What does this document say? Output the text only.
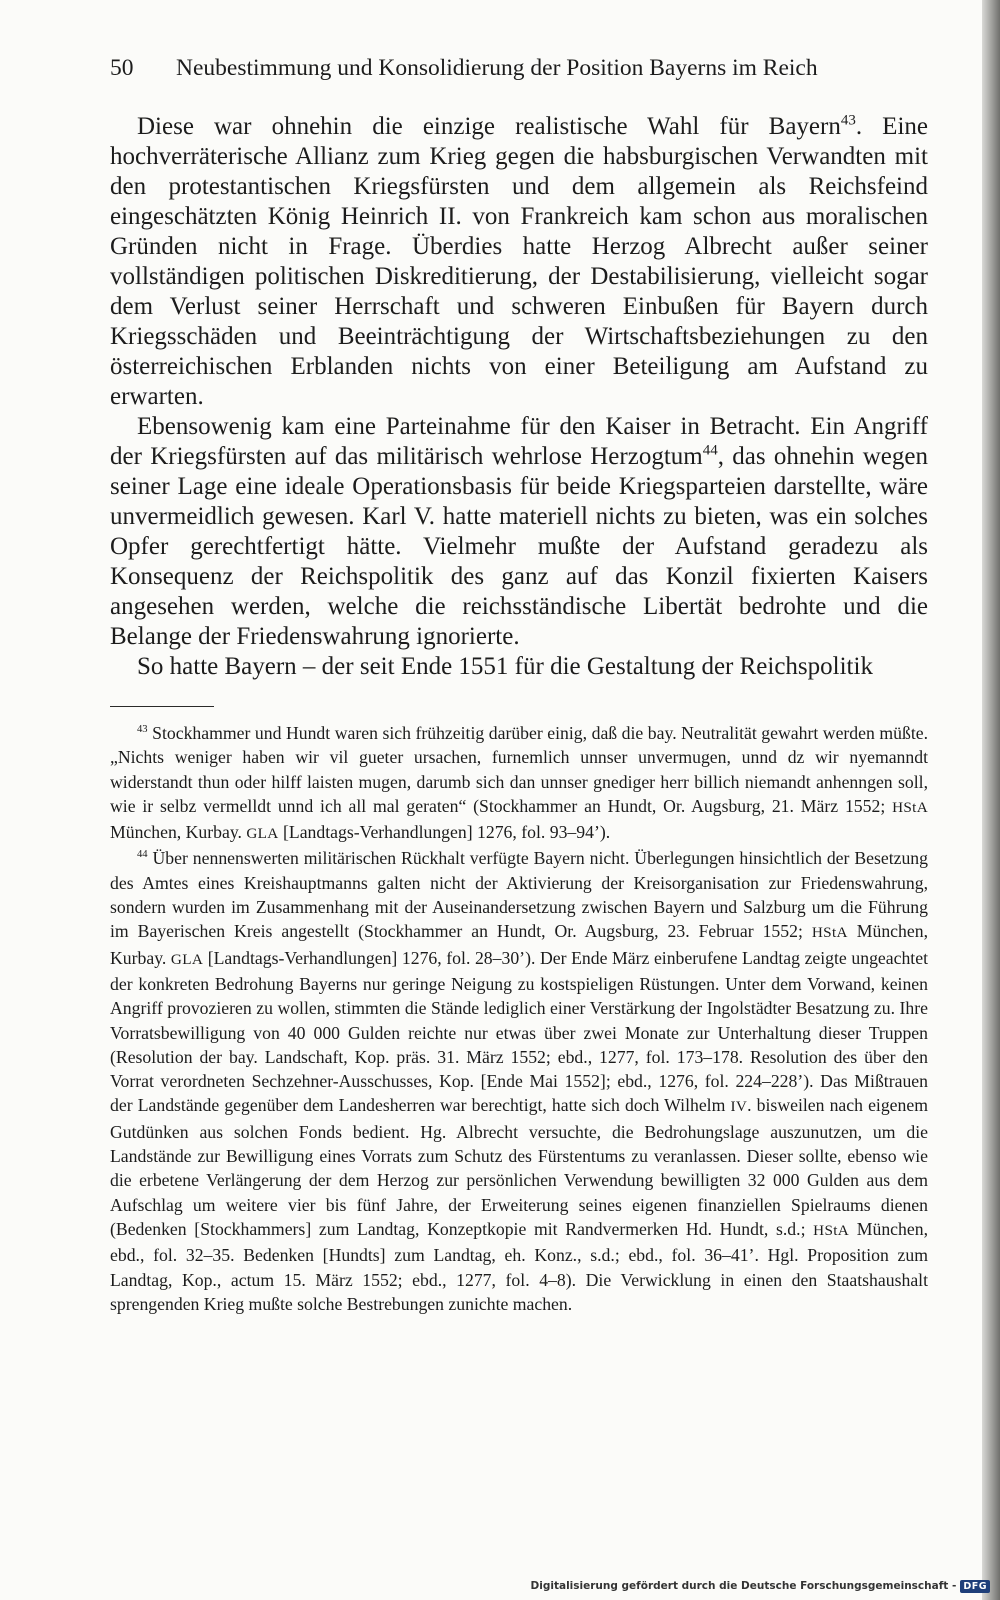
50 Neubestimmung und Konsolidierung der Position Bayerns im Reich

Diese war ohnehin die einzige realistische Wahl für Bayern$^{43}$. Eine hochverräterische Allianz zum Krieg gegen die habsburgischen Verwandten mit den protestantischen Kriegsfürsten und dem allgemein als Reichsfeind eingeschätzten König Heinrich II. von Frankreich kam schon aus moralischen Gründen nicht in Frage. Überdies hatte Herzog Albrecht außer seiner vollständigen politischen Diskreditierung, der Destabilisierung, vielleicht sogar dem Verlust seiner Herrschaft und schweren Einbußen für Bayern durch Kriegsschäden und Beeinträchtigung der Wirtschaftsbeziehungen zu den österreichischen Erblanden nichts von einer Beteiligung am Aufstand zu erwarten.

Ebensowenig kam eine Parteinahme für den Kaiser in Betracht. Ein Angriff der Kriegsfürsten auf das militärisch wehrlose Herzogtum$^{44}$, das ohnehin wegen seiner Lage eine ideale Operationsbasis für beide Kriegsparteien darstellte, wäre unvermeidlich gewesen. Karl V. hatte materiell nichts zu bieten, was ein solches Opfer gerechtfertigt hätte. Vielmehr mußte der Aufstand geradezu als Konsequenz der Reichspolitik des ganz auf das Konzil fixierten Kaisers angesehen werden, welche die reichsständische Libertät bedrohte und die Belange der Friedenswahrung ignorierte.

So hatte Bayern – der seit Ende 1551 für die Gestaltung der Reichspolitik

$^{43}$ Stockhammer und Hundt waren sich frühzeitig darüber einig, daß die bay. Neutralität gewahrt werden müßte. „Nichts weniger haben wir vil gueter ursachen, furnemlich unnser unvermugen, unnd dz wir nyemanndt widerstandt thun oder hilff laisten mugen, darumb sich dan unnser gnediger herr billich niemandt anhenngen soll, wie ir selbz vermelldt unnd ich all mal geraten“ (Stockhammer an Hundt, Or. Augsburg, 21. März 1552; HStA München, Kurbay. GLA [Landtags-Verhandlungen] 1276, fol. 93–94’).

$^{44}$ Über nennenswerten militärischen Rückhalt verfügte Bayern nicht. Überlegungen hinsichtlich der Besetzung des Amtes eines Kreishauptmanns galten nicht der Aktivierung der Kreisorganisation zur Friedenswahrung, sondern wurden im Zusammenhang mit der Auseinandersetzung zwischen Bayern und Salzburg um die Führung im Bayerischen Kreis angestellt (Stockhammer an Hundt, Or. Augsburg, 23. Februar 1552; HStA München, Kurbay. GLA [Landtags-Verhandlungen] 1276, fol. 28–30’). Der Ende März einberufene Landtag zeigte ungeachtet der konkreten Bedrohung Bayerns nur geringe Neigung zu kostspieligen Rüstungen. Unter dem Vorwand, keinen Angriff provozieren zu wollen, stimmten die Stände lediglich einer Verstärkung der Ingolstädter Besatzung zu. Ihre Vorratsbewilligung von 40 000 Gulden reichte nur etwas über zwei Monate zur Unterhaltung dieser Truppen (Resolution der bay. Landschaft, Kop. präs. 31. März 1552; ebd., 1277, fol. 173–178. Resolution des über den Vorrat verordneten Sechzehner-Ausschusses, Kop. [Ende Mai 1552]; ebd., 1276, fol. 224–228’). Das Mißtrauen der Landstände gegenüber dem Landesherren war berechtigt, hatte sich doch Wilhelm IV. bisweilen nach eigenem Gutdünken aus solchen Fonds bedient. Hg. Albrecht versuchte, die Bedrohungslage auszunutzen, um die Landstände zur Bewilligung eines Vorrats zum Schutz des Fürstentums zu veranlassen. Dieser sollte, ebenso wie die erbetene Verlängerung der dem Herzog zur persönlichen Verwendung bewilligten 32 000 Gulden aus dem Aufschlag um weitere vier bis fünf Jahre, der Erweiterung seines eigenen finanziellen Spielraums dienen (Bedenken [Stockhammers] zum Landtag, Konzeptkopie mit Randvermerken Hd. Hundt, s.d.; HStA München, ebd., fol. 32–35. Bedenken [Hundts] zum Landtag, eh. Konz., s.d.; ebd., fol. 36–41’. Hgl. Proposition zum Landtag, Kop., actum 15. März 1552; ebd., 1277, fol. 4–8). Die Verwicklung in einen den Staatshaushalt sprengenden Krieg mußte solche Bestrebungen zunichte machen.

Digitalisierung gefördert durch die Deutsche Forschungsgemeinschaft - DFG
